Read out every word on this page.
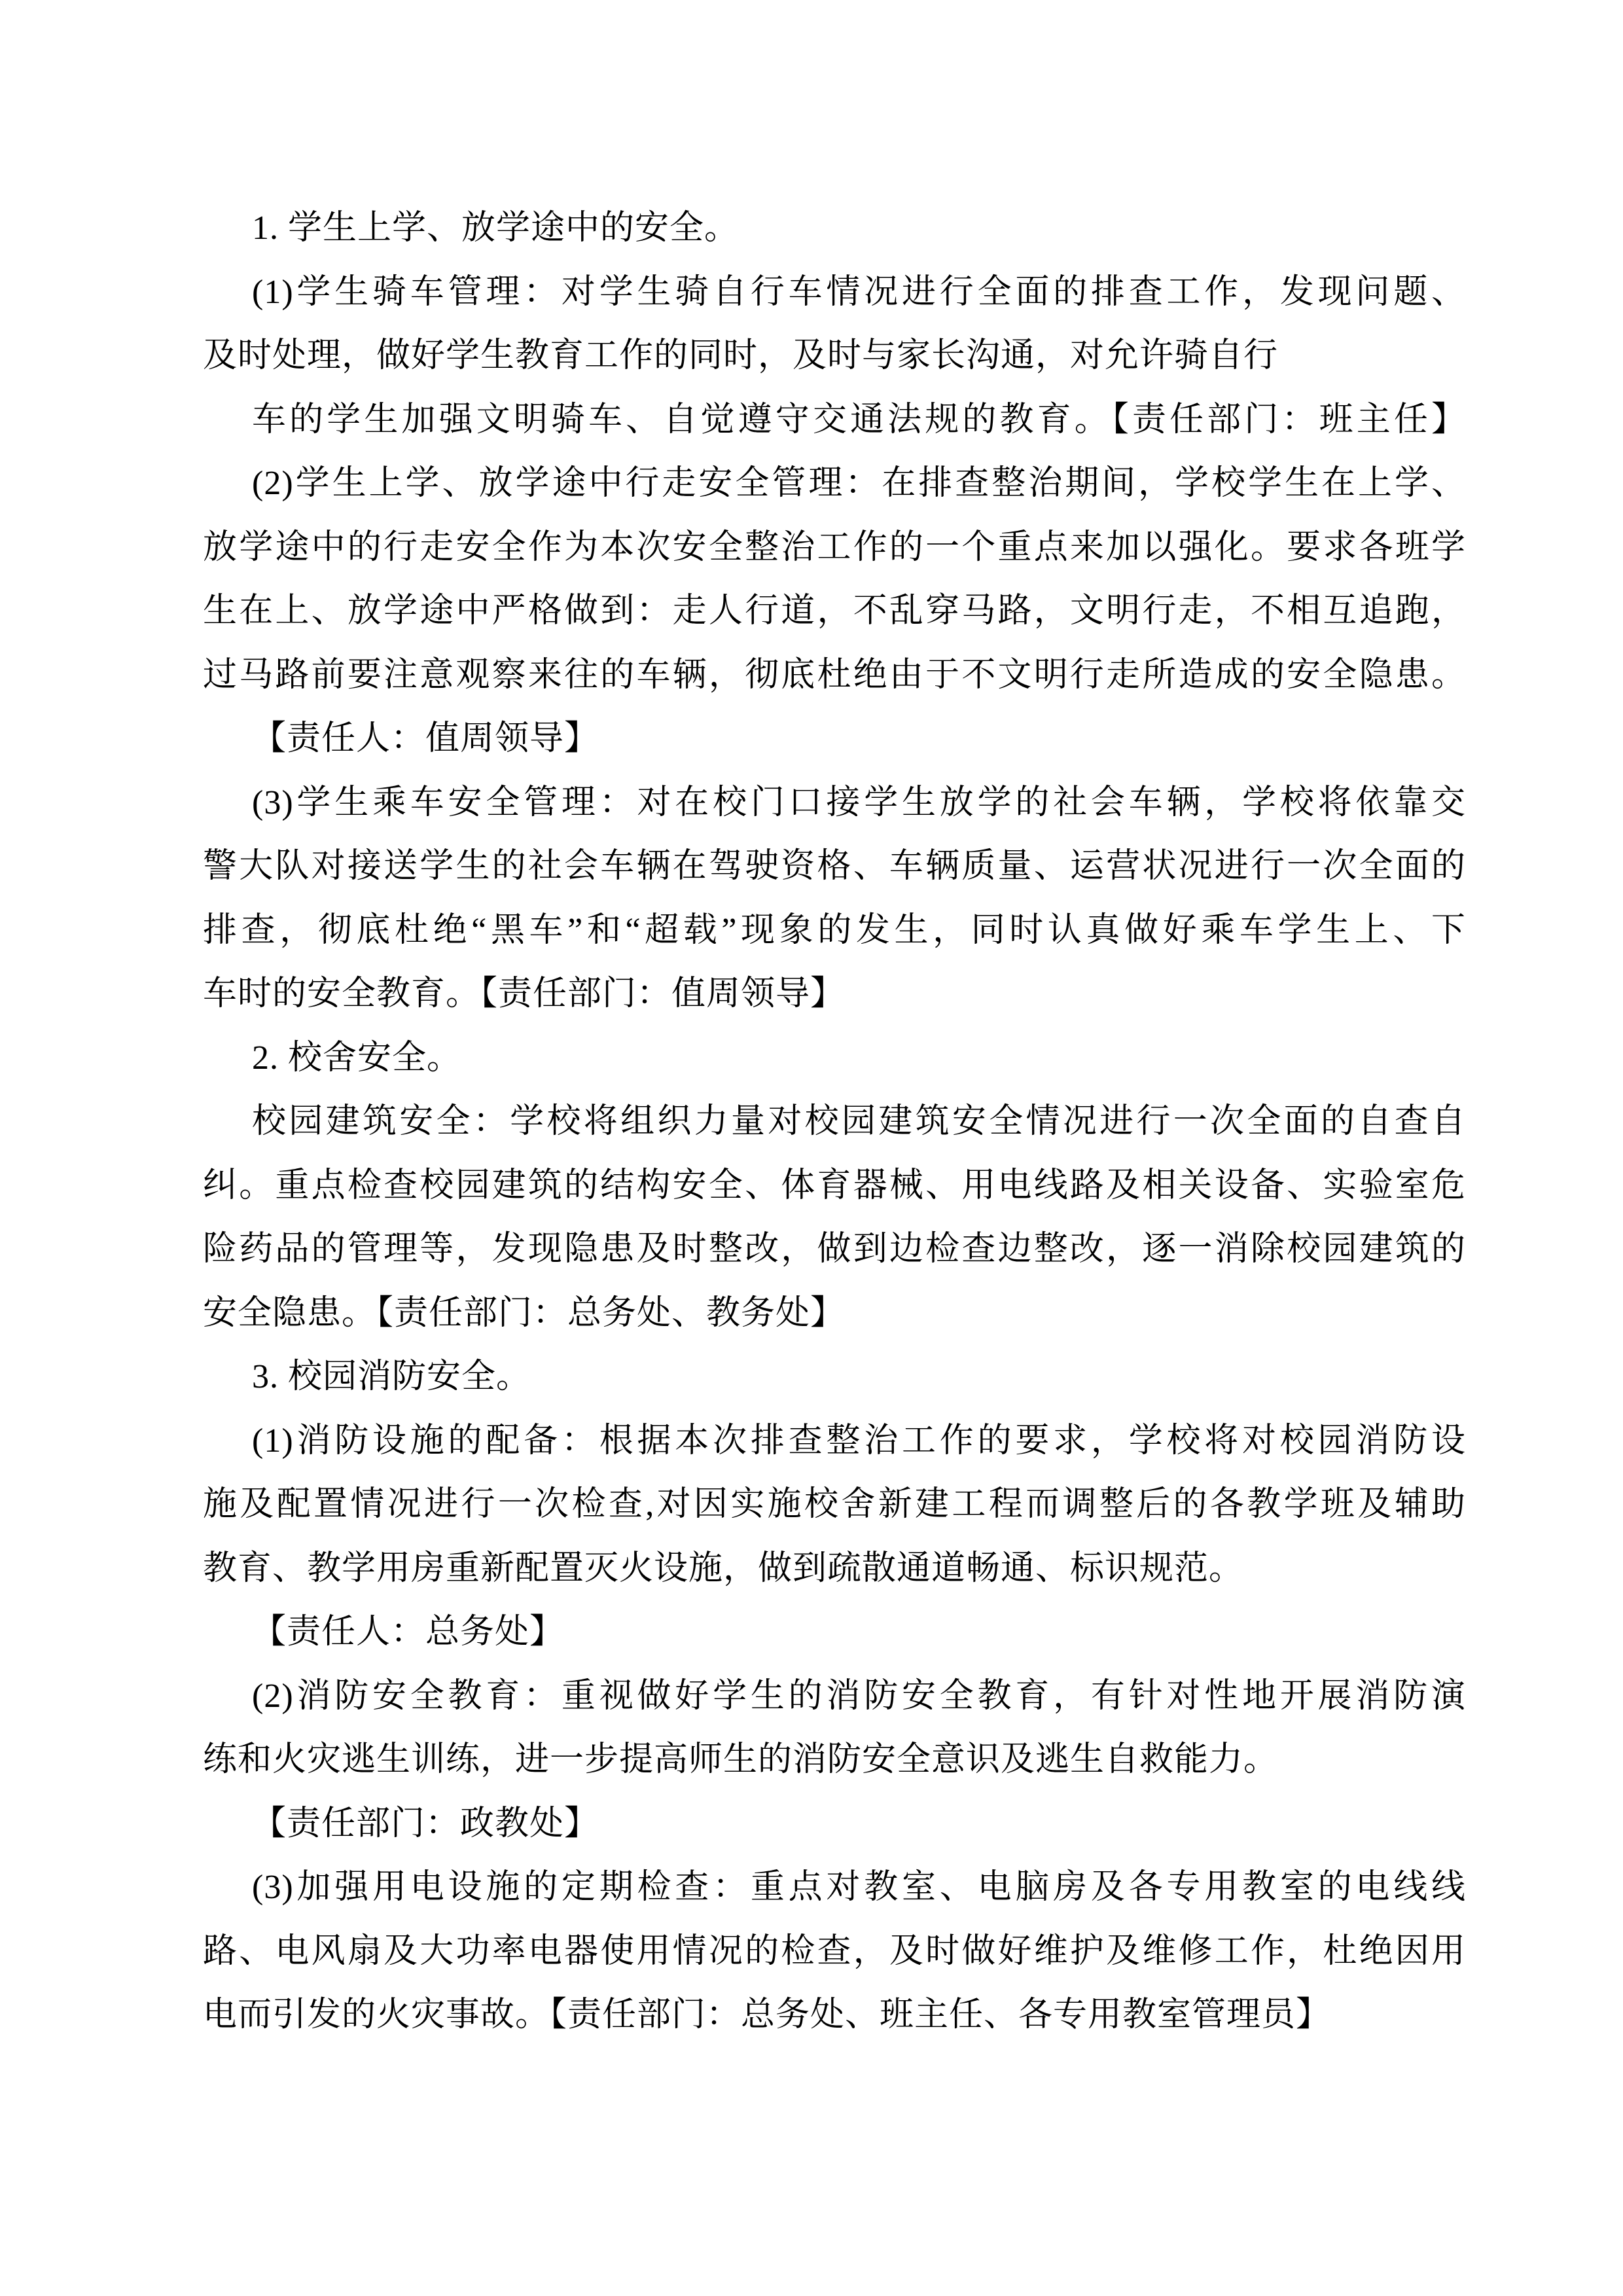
1. 学生上学、放学途中的安全。
(1)学生骑车管理：对学生骑自行车情况进行全面的排查工作，发现问题、
及时处理，做好学生教育工作的同时，及时与家长沟通，对允许骑自行
车的学生加强文明骑车、自觉遵守交通法规的教育。【责任部门：班主任】
(2)学生上学、放学途中行走安全管理：在排查整治期间，学校学生在上学、
放学途中的行走安全作为本次安全整治工作的一个重点来加以强化。要求各班学
生在上、放学途中严格做到：走人行道，不乱穿马路，文明行走，不相互追跑，
过马路前要注意观察来往的车辆，彻底杜绝由于不文明行走所造成的安全隐患。
【责任人：值周领导】
(3)学生乘车安全管理：对在校门口接学生放学的社会车辆，学校将依靠交
警大队对接送学生的社会车辆在驾驶资格、车辆质量、运营状况进行一次全面的
排查，彻底杜绝“黑车”和“超载”现象的发生，同时认真做好乘车学生上、下
车时的安全教育。【责任部门：值周领导】
2. 校舍安全。
校园建筑安全：学校将组织力量对校园建筑安全情况进行一次全面的自查自
纠。重点检查校园建筑的结构安全、体育器械、用电线路及相关设备、实验室危
险药品的管理等，发现隐患及时整改，做到边检查边整改，逐一消除校园建筑的
安全隐患。【责任部门：总务处、教务处】
3. 校园消防安全。
(1)消防设施的配备：根据本次排查整治工作的要求，学校将对校园消防设
施及配置情况进行一次检查,对因实施校舍新建工程而调整后的各教学班及辅助
教育、教学用房重新配置灭火设施，做到疏散通道畅通、标识规范。
【责任人：总务处】
(2)消防安全教育：重视做好学生的消防安全教育，有针对性地开展消防演
练和火灾逃生训练，进一步提高师生的消防安全意识及逃生自救能力。
【责任部门：政教处】
(3)加强用电设施的定期检查：重点对教室、电脑房及各专用教室的电线线
路、电风扇及大功率电器使用情况的检查，及时做好维护及维修工作，杜绝因用
电而引发的火灾事故。【责任部门：总务处、班主任、各专用教室管理员】
